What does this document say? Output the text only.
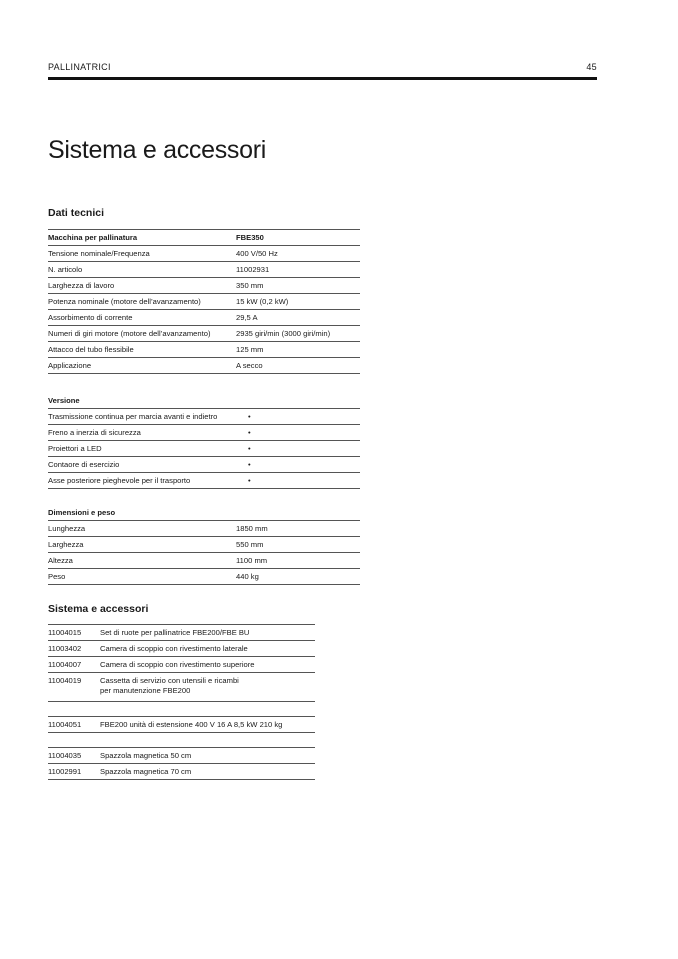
PALLINATRICI	45
Sistema e accessori
Dati tecnici
Macchina per pallinatura	FBE350
Tensione nominale/Frequenza	400 V/50 Hz
N. articolo	11002931
Larghezza di lavoro	350 mm
Potenza nominale (motore dell’avanzamento)	15 kW (0,2 kW)
Assorbimento di corrente	29,5 A
Numeri di giri motore (motore dell’avanzamento)	2935 giri/min (3000 giri/min)
Attacco del tubo flessibile	125 mm
Applicazione	A secco
Versione	
Trasmissione continua per marcia avanti e indietro	•
Freno a inerzia di sicurezza	•
Proiettori a LED	•
Contaore di esercizio	•
Asse posteriore pieghevole per il trasporto	•
Dimensioni e peso	
Lunghezza	1850 mm
Larghezza	550 mm
Altezza	1100 mm
Peso	440 kg
Sistema e accessori
11004015	Set di ruote per pallinatrice FBE200/FBE BU
11003402	Camera di scoppio con rivestimento laterale
11004007	Camera di scoppio con rivestimento superiore
11004019	Cassetta di servizio con utensili e ricambi
per manutenzione FBE200
11004051	FBE200 unità di estensione 400 V 16 A 8,5 kW 210 kg
11004035	Spazzola magnetica 50 cm
11002991	Spazzola magnetica 70 cm
